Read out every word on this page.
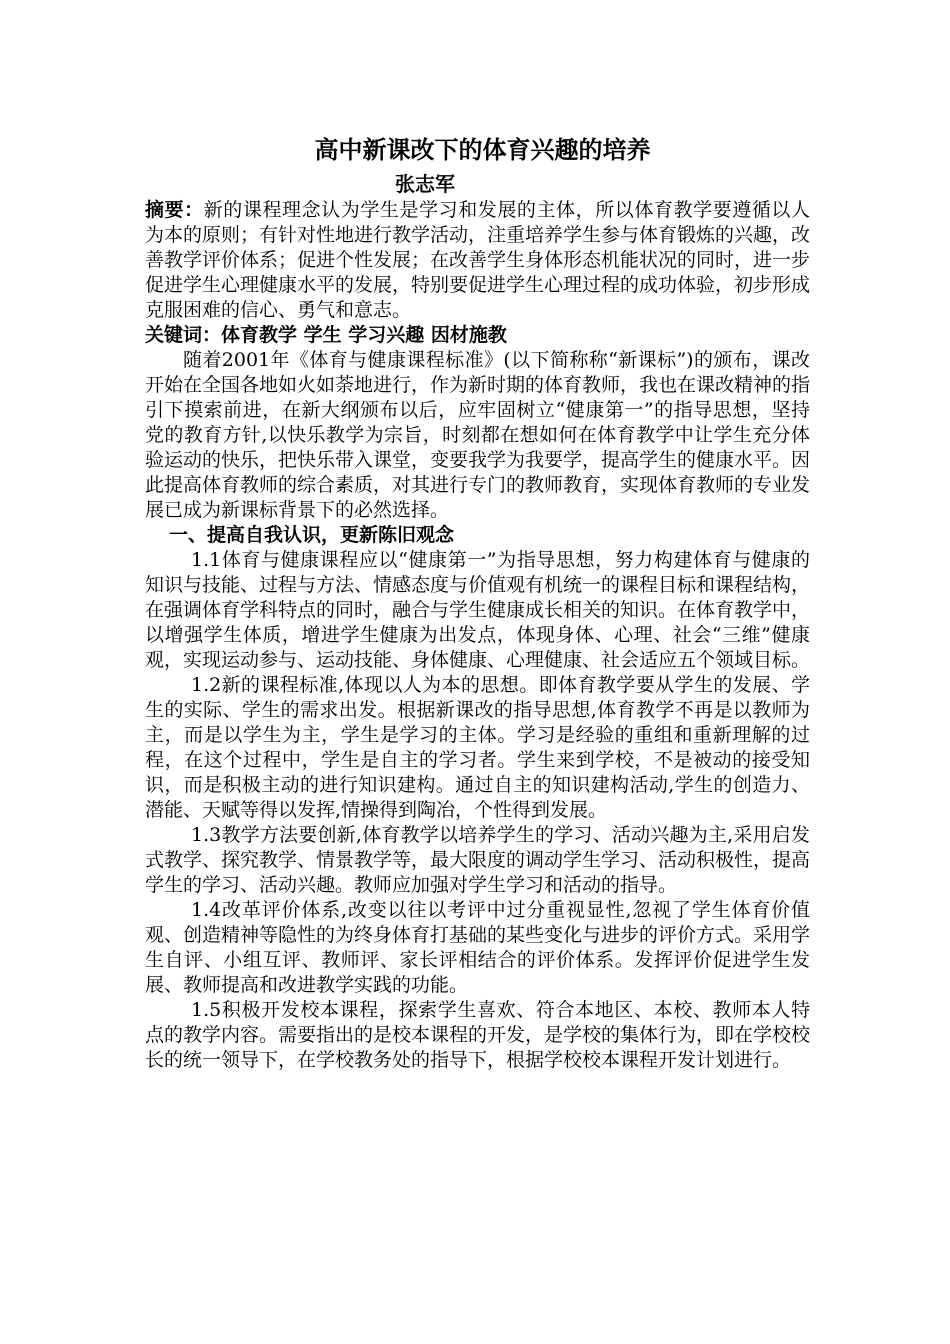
高中新课改下的体育兴趣的培养
张志军

摘要：新的课程理念认为学生是学习和发展的主体，所以体育教学要遵循以人为本的原则；有针对性地进行教学活动，注重培养学生参与体育锻炼的兴趣，改善教学评价体系；促进个性发展；在改善学生身体形态机能状况的同时，进一步促进学生心理健康水平的发展，特别要促进学生心理过程的成功体验，初步形成克服困难的信心、勇气和意志。

关键词：体育教学 学生 学习兴趣 因材施教

随着2001年《体育与健康课程标准》(以下简称称“新课标”)的颁布，课改开始在全国各地如火如荼地进行，作为新时期的体育教师，我也在课改精神的指引下摸索前进，在新大纲颁布以后，应牢固树立“健康第一”的指导思想，坚持党的教育方针,以快乐教学为宗旨，时刻都在想如何在体育教学中让学生充分体验运动的快乐，把快乐带入课堂，变要我学为我要学，提高学生的健康水平。因此提高体育教师的综合素质，对其进行专门的教师教育，实现体育教师的专业发展已成为新课标背景下的必然选择。

一、提高自我认识，更新陈旧观念

1.1体育与健康课程应以“健康第一”为指导思想，努力构建体育与健康的知识与技能、过程与方法、情感态度与价值观有机统一的课程目标和课程结构，在强调体育学科特点的同时，融合与学生健康成长相关的知识。在体育教学中，以增强学生体质，增进学生健康为出发点，体现身体、心理、社会“三维”健康观，实现运动参与、运动技能、身体健康、心理健康、社会适应五个领域目标。

1.2新的课程标准,体现以人为本的思想。即体育教学要从学生的发展、学生的实际、学生的需求出发。根据新课改的指导思想,体育教学不再是以教师为主，而是以学生为主，学生是学习的主体。学习是经验的重组和重新理解的过程，在这个过程中，学生是自主的学习者。学生来到学校，不是被动的接受知识，而是积极主动的进行知识建构。通过自主的知识建构活动,学生的创造力、潜能、天赋等得以发挥,情操得到陶冶，个性得到发展。

1.3教学方法要创新,体育教学以培养学生的学习、活动兴趣为主,采用启发式教学、探究教学、情景教学等，最大限度的调动学生学习、活动积极性，提高学生的学习、活动兴趣。教师应加强对学生学习和活动的指导。

1.4改革评价体系,改变以往以考评中过分重视显性,忽视了学生体育价值观、创造精神等隐性的为终身体育打基础的某些变化与进步的评价方式。采用学生自评、小组互评、教师评、家长评相结合的评价体系。发挥评价促进学生发展、教师提高和改进教学实践的功能。

1.5积极开发校本课程，探索学生喜欢、符合本地区、本校、教师本人特点的教学内容。需要指出的是校本课程的开发，是学校的集体行为，即在学校校长的统一领导下，在学校教务处的指导下，根据学校校本课程开发计划进行。
